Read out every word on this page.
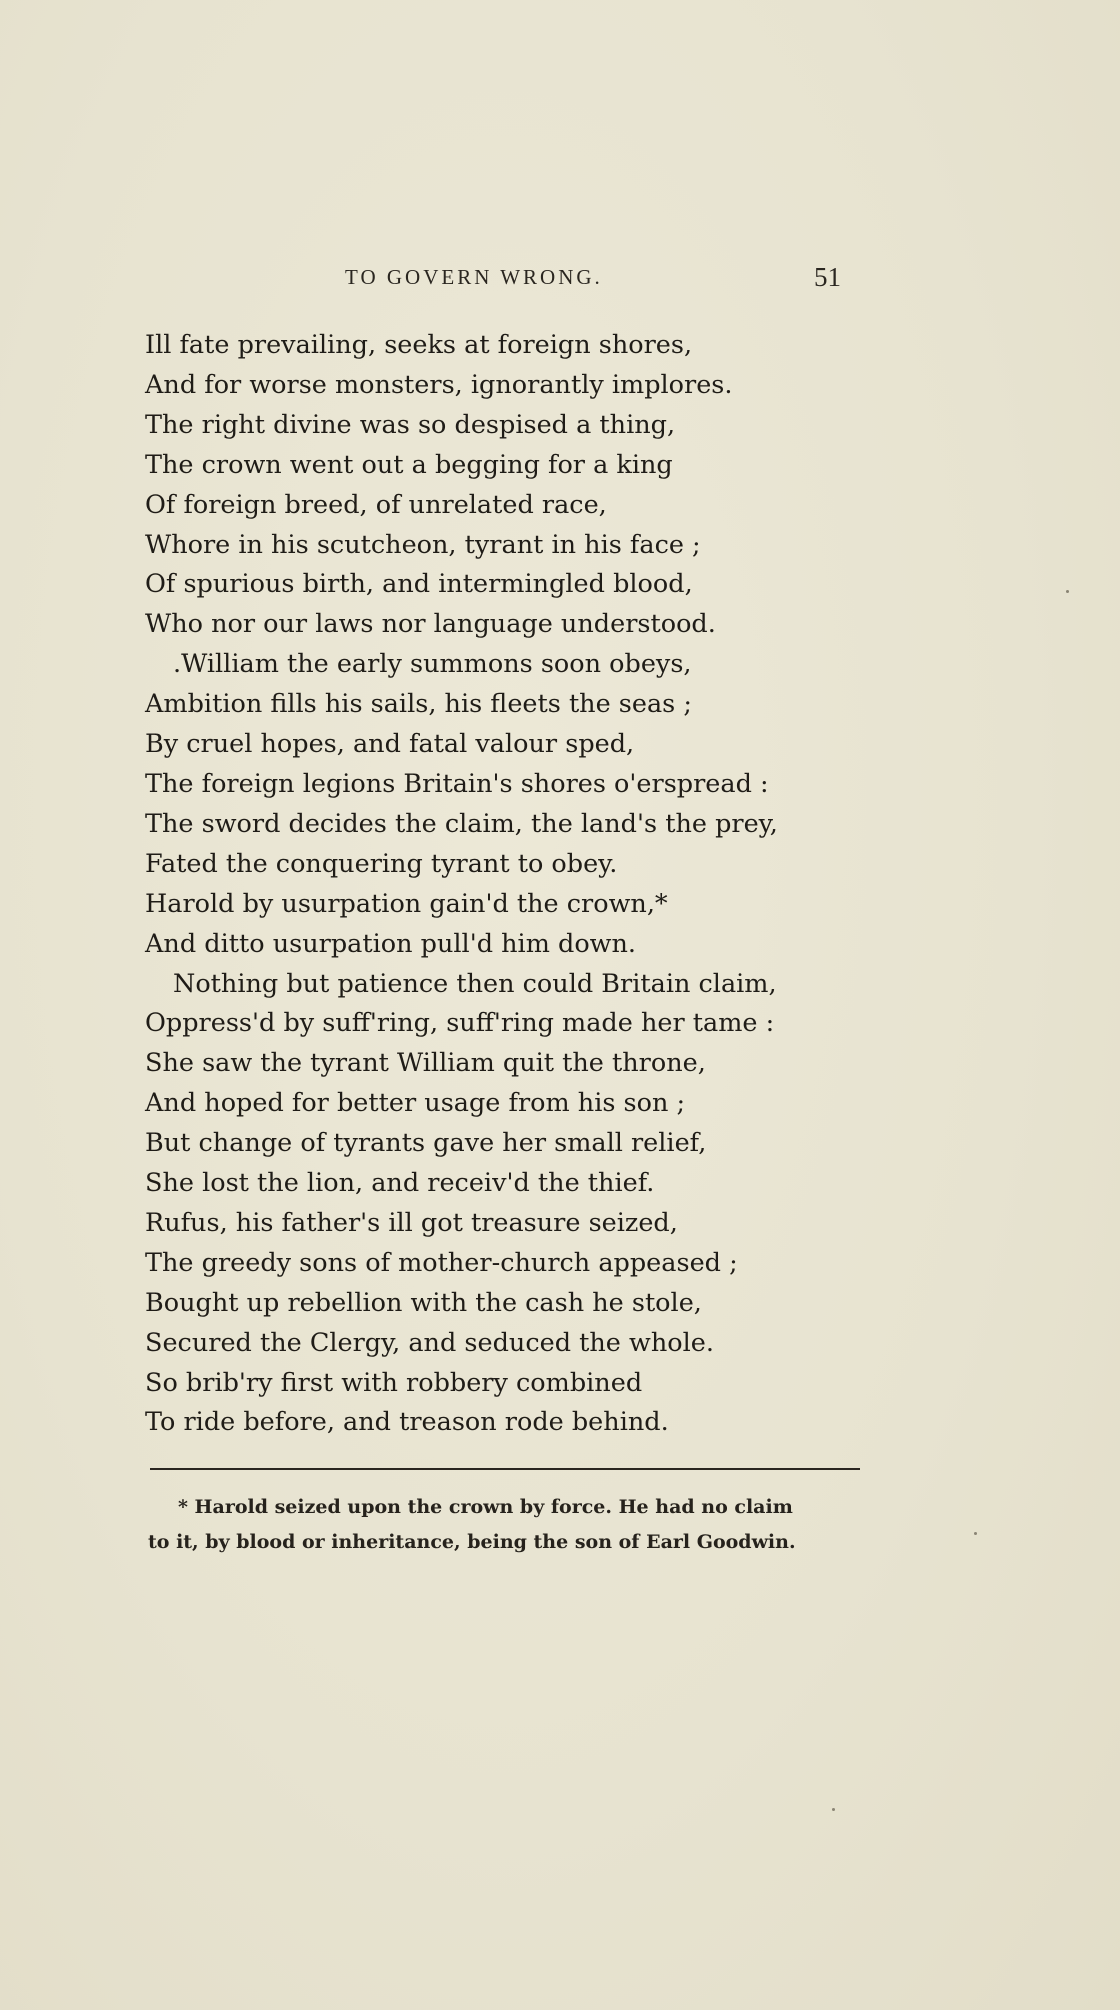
TO GOVERN WRONG.	51
Ill fate prevailing, seeks at foreign shores,
And for worse monsters, ignorantly implores.
The right divine was so despised a thing,
The crown went out a begging for a king
Of foreign breed, of unrelated race,
Whore in his scutcheon, tyrant in his face ;
Of spurious birth, and intermingled blood,
Who nor our laws nor language understood.
.William the early summons soon obeys,
Ambition fills his sails, his fleets the seas ;
By cruel hopes, and fatal valour sped,
The foreign legions Britain's shores o'erspread :
The sword decides the claim, the land's the prey,
Fated the conquering tyrant to obey.
Harold by usurpation gain'd the crown,*
And ditto usurpation pull'd him down.
Nothing but patience then could Britain claim,
Oppress'd by suff'ring, suff'ring made her tame :
She saw the tyrant William quit the throne,
And hoped for better usage from his son ;
But change of tyrants gave her small relief,
She lost the lion, and receiv'd the thief.
Rufus, his father's ill got treasure seized,
The greedy sons of mother-church appeased ;
Bought up rebellion with the cash he stole,
Secured the Clergy, and seduced the whole.
So brib'ry first with robbery combined
To ride before, and treason rode behind.
* Harold seized upon the crown by force. He had no claim
to it, by blood or inheritance, being the son of Earl Goodwin.
